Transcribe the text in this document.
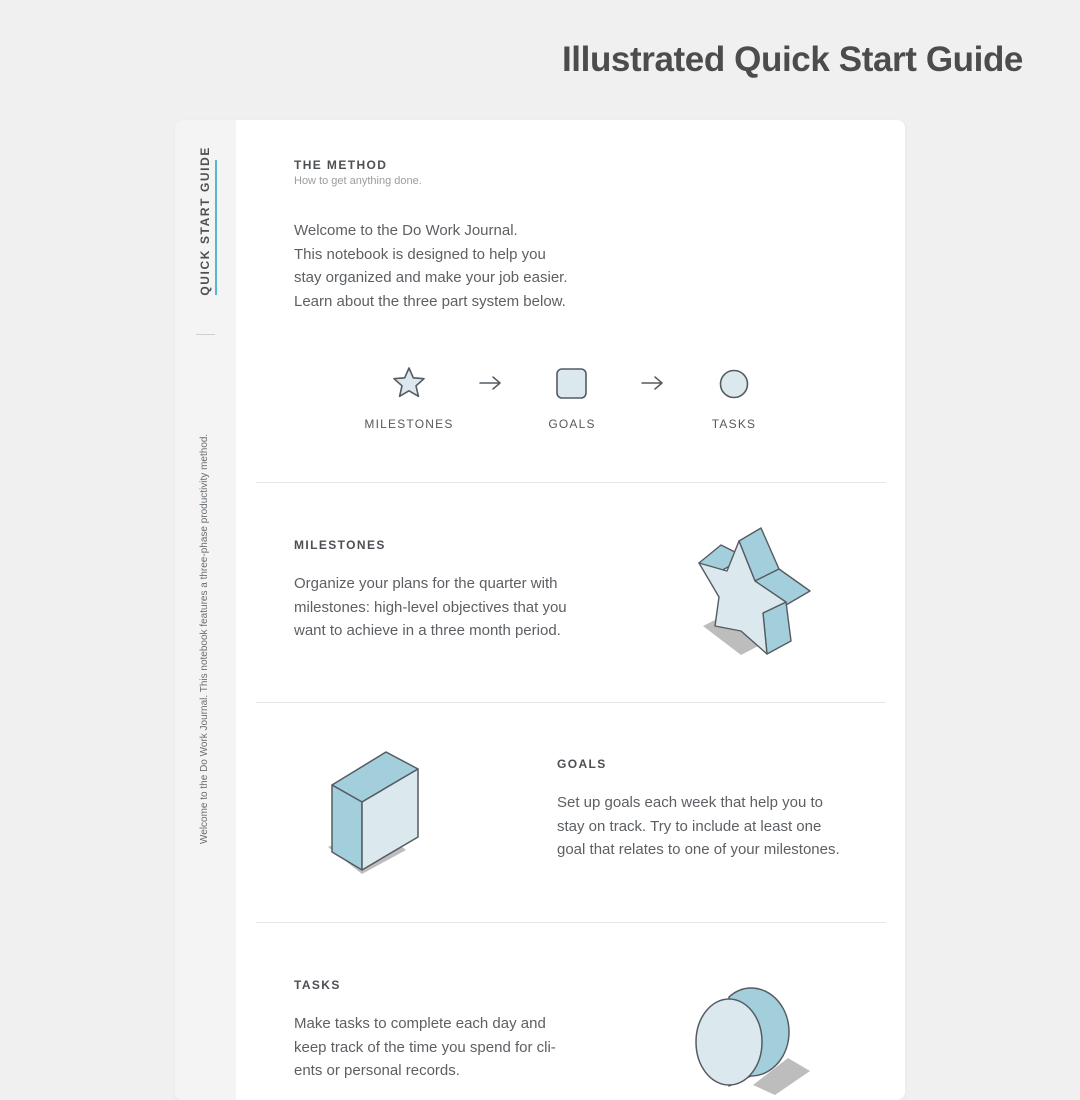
Illustrated Quick Start Guide
QUICK START GUIDE
Welcome to the Do Work Journal. This notebook features a three-phase productivity method.
THE METHOD
How to get anything done.
Welcome to the Do Work Journal.
This notebook is designed to help you
stay organized and make your job easier.
Learn about the three part system below.
MILESTONES	GOALS	TASKS
MILESTONES
Organize your plans for the quarter with
milestones: high-level objectives that you
want to achieve in a three month period.
GOALS
Set up goals each week that help you to
stay on track. Try to include at least one
goal that relates to one of your milestones.
TASKS
Make tasks to complete each day and
keep track of the time you spend for cli-
ents or personal records.
